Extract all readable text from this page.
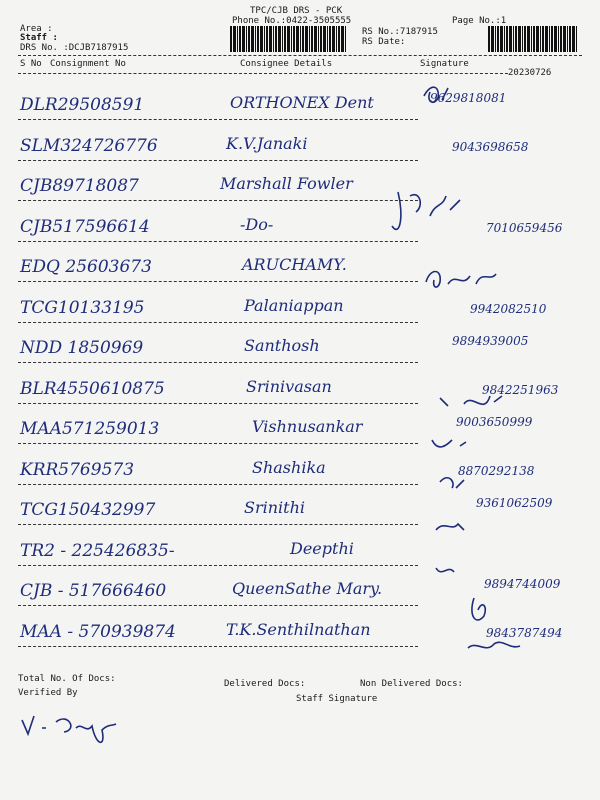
TPC/CJB DRS - PCK
Phone No.:0422-3505555
Area :
Staff :
DRS No. :DCJB7187915
RS No.:7187915
RS Date:
Page No.:1
S No Consignment No	Consignee Details	Signature
20230726
DLR29508591	ORTHONEX Dent	9629818081
SLM324726776	K.V.Janaki	9043698658
CJB89718087	Marshall Fowler
CJB517596614	-Do-	7010659456
EDQ 25603673	ARUCHAMY.
TCG10133195	Palaniappan	9942082510
NDD 1850969	Santhosh	9894939005
BLR4550610875	Srinivasan	9842251963
MAA571259013	Vishnusankar	9003650999
KRR5769573	Shashika	8870292138
TCG150432997	Srinithi	9361062509
TR2 - 225426835-	Deepthi
CJB - 517666460	QueenSathe Mary.	9894744009
MAA - 570939874	T.K.Senthilnathan	9843787494
Total No. Of Docs:	Delivered Docs:	Non Delivered Docs:
Verified By
Staff Signature
